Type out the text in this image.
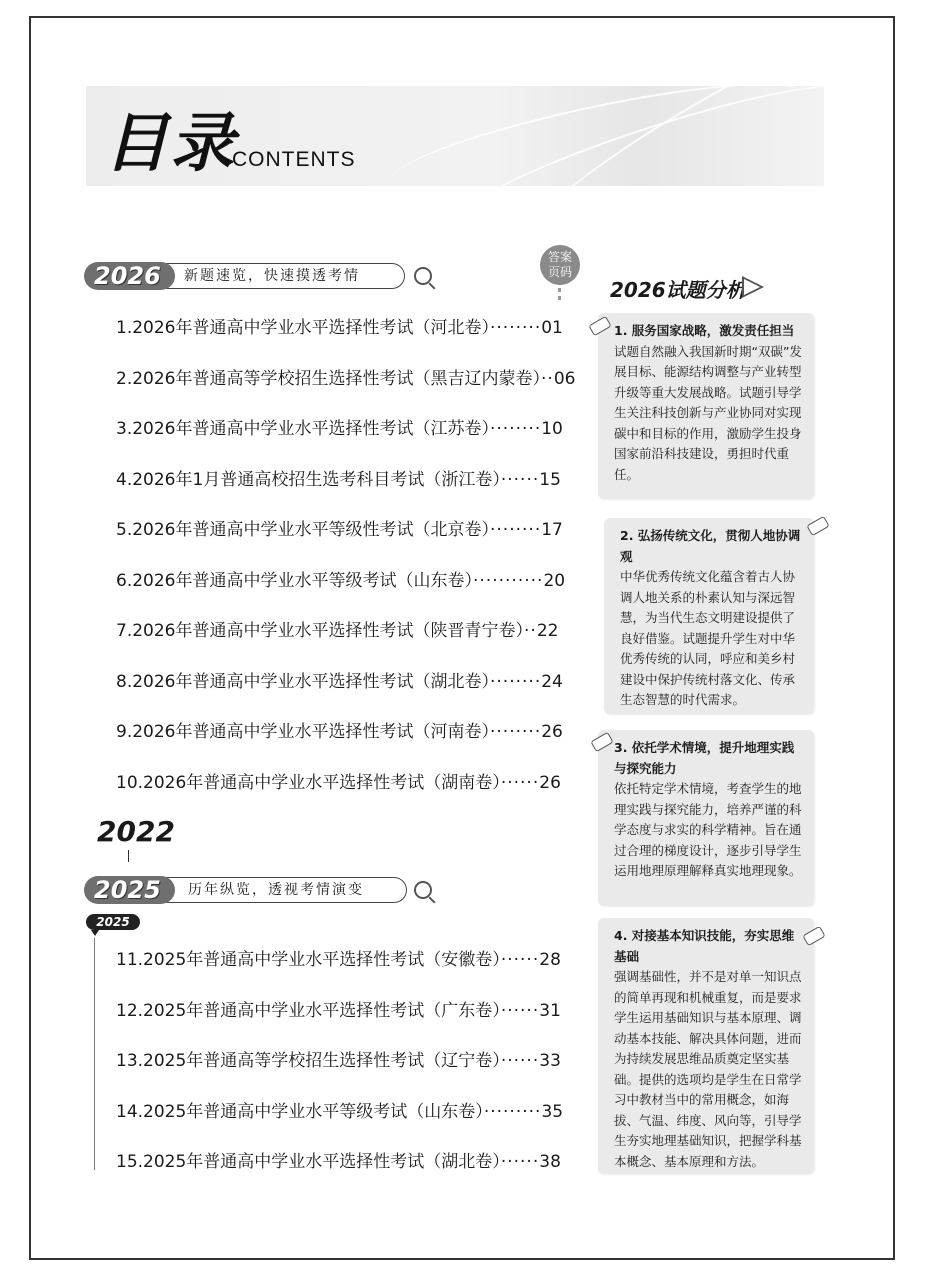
目录
CONTENTS
2026	新题速览，快速摸透考情
答案
页码
1.2026年普通高中学业水平选择性考试（河北卷）········01
2.2026年普通高等学校招生选择性考试（黑吉辽内蒙卷）··06
3.2026年普通高中学业水平选择性考试（江苏卷）········10
4.2026年1月普通高校招生选考科目考试（浙江卷）······15
5.2026年普通高中学业水平等级性考试（北京卷）········17
6.2026年普通高中学业水平等级考试（山东卷）···········20
7.2026年普通高中学业水平选择性考试（陕晋青宁卷）··22
8.2026年普通高中学业水平选择性考试（湖北卷）········24
9.2026年普通高中学业水平选择性考试（河南卷）········26
10.2026年普通高中学业水平选择性考试（湖南卷）······26
2022
2025	历年纵览，透视考情演变
2025
11.2025年普通高中学业水平选择性考试（安徽卷）······28
12.2025年普通高中学业水平选择性考试（广东卷）······31
13.2025年普通高等学校招生选择性考试（辽宁卷）······33
14.2025年普通高中学业水平等级考试（山东卷）·········35
15.2025年普通高中学业水平选择性考试（湖北卷）······38
2026试题分析
1. 服务国家战略，激发责任担当
试题自然融入我国新时期“双碳”发展目标、能源结构调整与产业转型升级等重大发展战略。试题引导学生关注科技创新与产业协同对实现碳中和目标的作用，激励学生投身国家前沿科技建设，勇担时代重任。
2. 弘扬传统文化，贯彻人地协调观
中华优秀传统文化蕴含着古人协调人地关系的朴素认知与深远智慧，为当代生态文明建设提供了良好借鉴。试题提升学生对中华优秀传统的认同，呼应和美乡村建设中保护传统村落文化、传承生态智慧的时代需求。
3. 依托学术情境，提升地理实践与探究能力
依托特定学术情境，考查学生的地理实践与探究能力，培养严谨的科学态度与求实的科学精神。旨在通过合理的梯度设计，逐步引导学生运用地理原理解释真实地理现象。
4. 对接基本知识技能，夯实思维基础
强调基础性，并不是对单一知识点的简单再现和机械重复，而是要求学生运用基础知识与基本原理、调动基本技能、解决具体问题，进而为持续发展思维品质奠定坚实基础。提供的选项均是学生在日常学习中教材当中的常用概念，如海拔、气温、纬度、风向等，引导学生夯实地理基础知识，把握学科基本概念、基本原理和方法。
